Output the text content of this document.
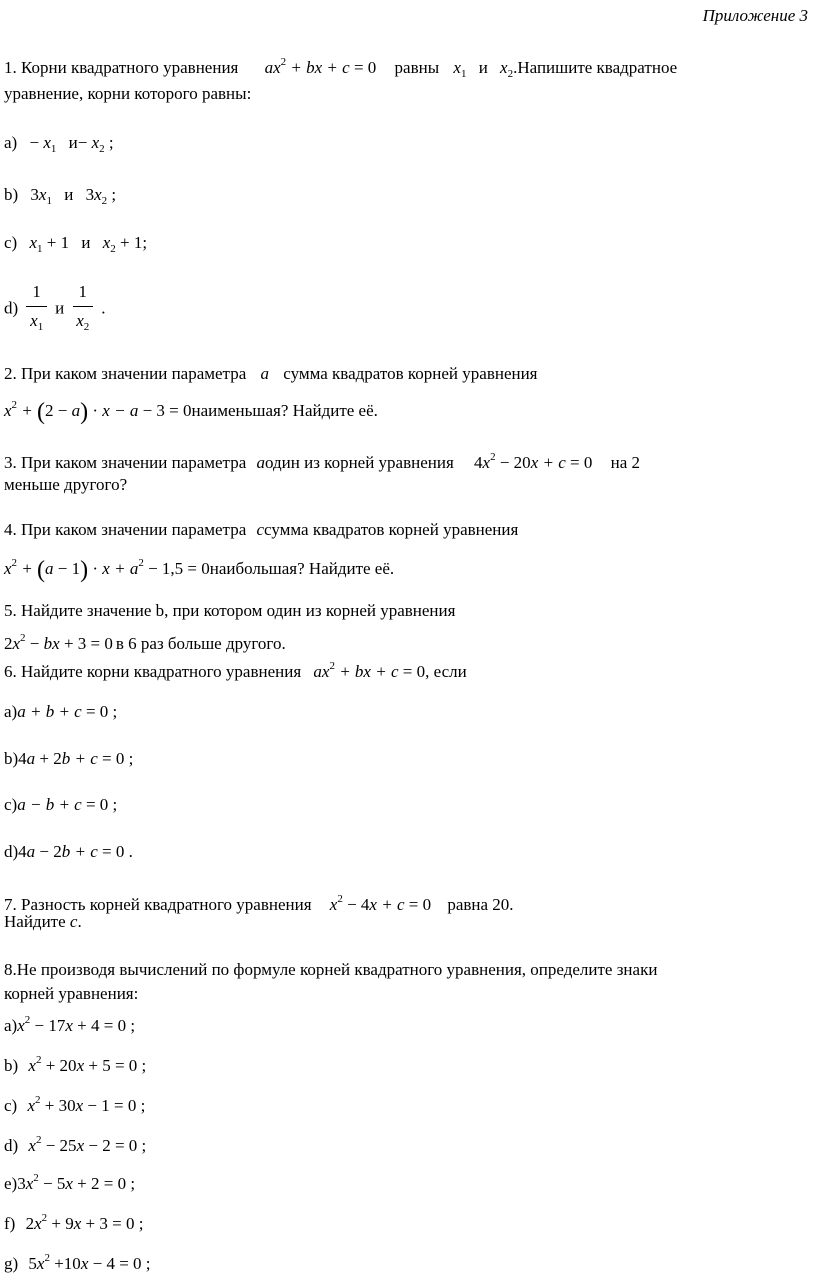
Приложение 3
1. Корни квадратного уравнения $ax^2$ + bx + c = 0 равны $x_1$ и $x_2.Напишите$ квадратное
уравнение, корни которого равны:
$а) - x_1$ $и- x_2$ ;
b) $3x_1$ и $3x_2$ ;
c) $x_1 + 1$ и $x_2 + 1$;
$d) \frac{1}{x_1}$ и $\frac{1}{x_2}$ .
2. При каком значении параметра a сумма квадратов корней уравнения
$x^2 + (2 - a) \cdot x - a - 3$ = 0наименьшая? Найдите её.
3. При каком значении параметра aодин из корней уравнения $4x^2 - 20x + c = 0$ на 2
меньше другого?
4. При каком значении параметра cсумма квадратов корней уравнения
$x^2 + (a - 1) \cdot x + a^2 - 1,5$ = 0наибольшая? Найдите её.
5. Найдите значение b, при котором один из корней уравнения
$2x^2$ − bx + 3 = 0 в 6 раз больше другого.
6. Найдите корни квадратного уравнения $ax^2$ + bx + c = 0, если
а)a + b + c = 0 ;
b)4a + 2b + c = 0 ;
c)a − b + c = 0 ;
d)4a − 2b + c = 0 .
7. Разность корней квадратного уравнения $x^2 - 4x + c = 0$ равна 20.
Найдите c.
8.Не производя вычислений по формуле корней квадратного уравнения, определите знаки
корней уравнения:
$а)x^2 - 17x + 4 = 0$ ;
b) $x^2 + 20x + 5 = 0$ ;
c) $x^2 + 30x - 1 = 0$ ;
d) $x^2 - 25x - 2 = 0$ ;
$e)3x^2 - 5x + 2 = 0$ ;
f) $2x^2 + 9x + 3 = 0$ ;
g) $5x^2 +10x - 4 = 0$ ;
